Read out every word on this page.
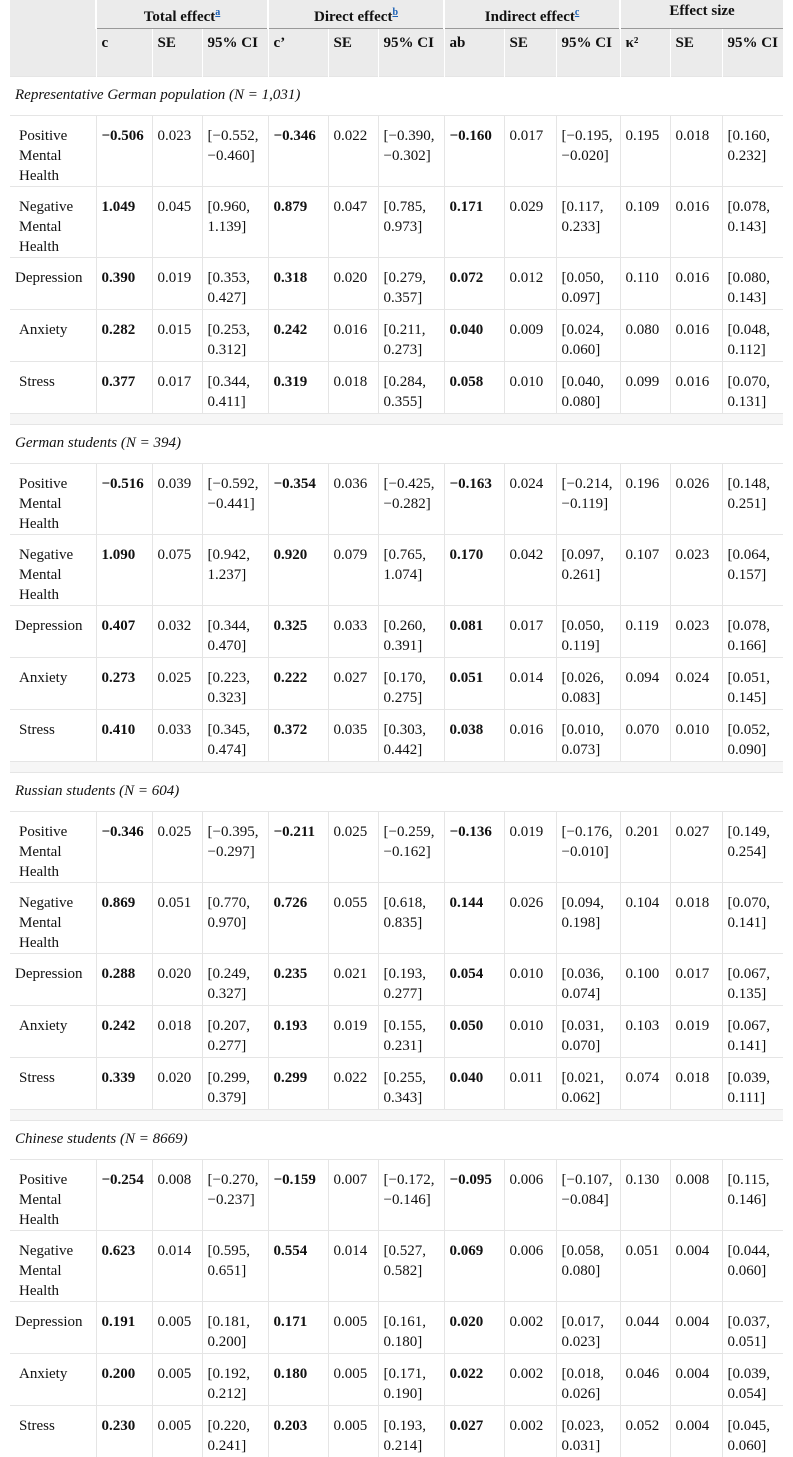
	Total effect$^a$			Direct effect$^b$			Indirect effect$^c$			Effect size		
	c	SE	95% CI	c’	SE	95% CI	ab	SE	95% CI	κ²	SE	95% CI
Representative German population (N = 1,031)												
Positive Mental Health	−0.506	0.023	[−0.552, −0.460]	−0.346	0.022	[−0.390, −0.302]	−0.160	0.017	[−0.195, −0.020]	0.195	0.018	[0.160, 0.232]
Negative Mental Health	1.049	0.045	[0.960, 1.139]	0.879	0.047	[0.785, 0.973]	0.171	0.029	[0.117, 0.233]	0.109	0.016	[0.078, 0.143]
Depression	0.390	0.019	[0.353, 0.427]	0.318	0.020	[0.279, 0.357]	0.072	0.012	[0.050, 0.097]	0.110	0.016	[0.080, 0.143]
Anxiety	0.282	0.015	[0.253, 0.312]	0.242	0.016	[0.211, 0.273]	0.040	0.009	[0.024, 0.060]	0.080	0.016	[0.048, 0.112]
Stress	0.377	0.017	[0.344, 0.411]	0.319	0.018	[0.284, 0.355]	0.058	0.010	[0.040, 0.080]	0.099	0.016	[0.070, 0.131]

German students (N = 394)												
Positive Mental Health	−0.516	0.039	[−0.592, −0.441]	−0.354	0.036	[−0.425, −0.282]	−0.163	0.024	[−0.214, −0.119]	0.196	0.026	[0.148, 0.251]
Negative Mental Health	1.090	0.075	[0.942, 1.237]	0.920	0.079	[0.765, 1.074]	0.170	0.042	[0.097, 0.261]	0.107	0.023	[0.064, 0.157]
Depression	0.407	0.032	[0.344, 0.470]	0.325	0.033	[0.260, 0.391]	0.081	0.017	[0.050, 0.119]	0.119	0.023	[0.078, 0.166]
Anxiety	0.273	0.025	[0.223, 0.323]	0.222	0.027	[0.170, 0.275]	0.051	0.014	[0.026, 0.083]	0.094	0.024	[0.051, 0.145]
Stress	0.410	0.033	[0.345, 0.474]	0.372	0.035	[0.303, 0.442]	0.038	0.016	[0.010, 0.073]	0.070	0.010	[0.052, 0.090]

Russian students (N = 604)												
Positive Mental Health	−0.346	0.025	[−0.395, −0.297]	−0.211	0.025	[−0.259, −0.162]	−0.136	0.019	[−0.176, −0.010]	0.201	0.027	[0.149, 0.254]
Negative Mental Health	0.869	0.051	[0.770, 0.970]	0.726	0.055	[0.618, 0.835]	0.144	0.026	[0.094, 0.198]	0.104	0.018	[0.070, 0.141]
Depression	0.288	0.020	[0.249, 0.327]	0.235	0.021	[0.193, 0.277]	0.054	0.010	[0.036, 0.074]	0.100	0.017	[0.067, 0.135]
Anxiety	0.242	0.018	[0.207, 0.277]	0.193	0.019	[0.155, 0.231]	0.050	0.010	[0.031, 0.070]	0.103	0.019	[0.067, 0.141]
Stress	0.339	0.020	[0.299, 0.379]	0.299	0.022	[0.255, 0.343]	0.040	0.011	[0.021, 0.062]	0.074	0.018	[0.039, 0.111]

Chinese students (N = 8669)												
Positive Mental Health	−0.254	0.008	[−0.270, −0.237]	−0.159	0.007	[−0.172, −0.146]	−0.095	0.006	[−0.107, −0.084]	0.130	0.008	[0.115, 0.146]
Negative Mental Health	0.623	0.014	[0.595, 0.651]	0.554	0.014	[0.527, 0.582]	0.069	0.006	[0.058, 0.080]	0.051	0.004	[0.044, 0.060]
Depression	0.191	0.005	[0.181, 0.200]	0.171	0.005	[0.161, 0.180]	0.020	0.002	[0.017, 0.023]	0.044	0.004	[0.037, 0.051]
Anxiety	0.200	0.005	[0.192, 0.212]	0.180	0.005	[0.171, 0.190]	0.022	0.002	[0.018, 0.026]	0.046	0.004	[0.039, 0.054]
Stress	0.230	0.005	[0.220, 0.241]	0.203	0.005	[0.193, 0.214]	0.027	0.002	[0.023, 0.031]	0.052	0.004	[0.045, 0.060]
